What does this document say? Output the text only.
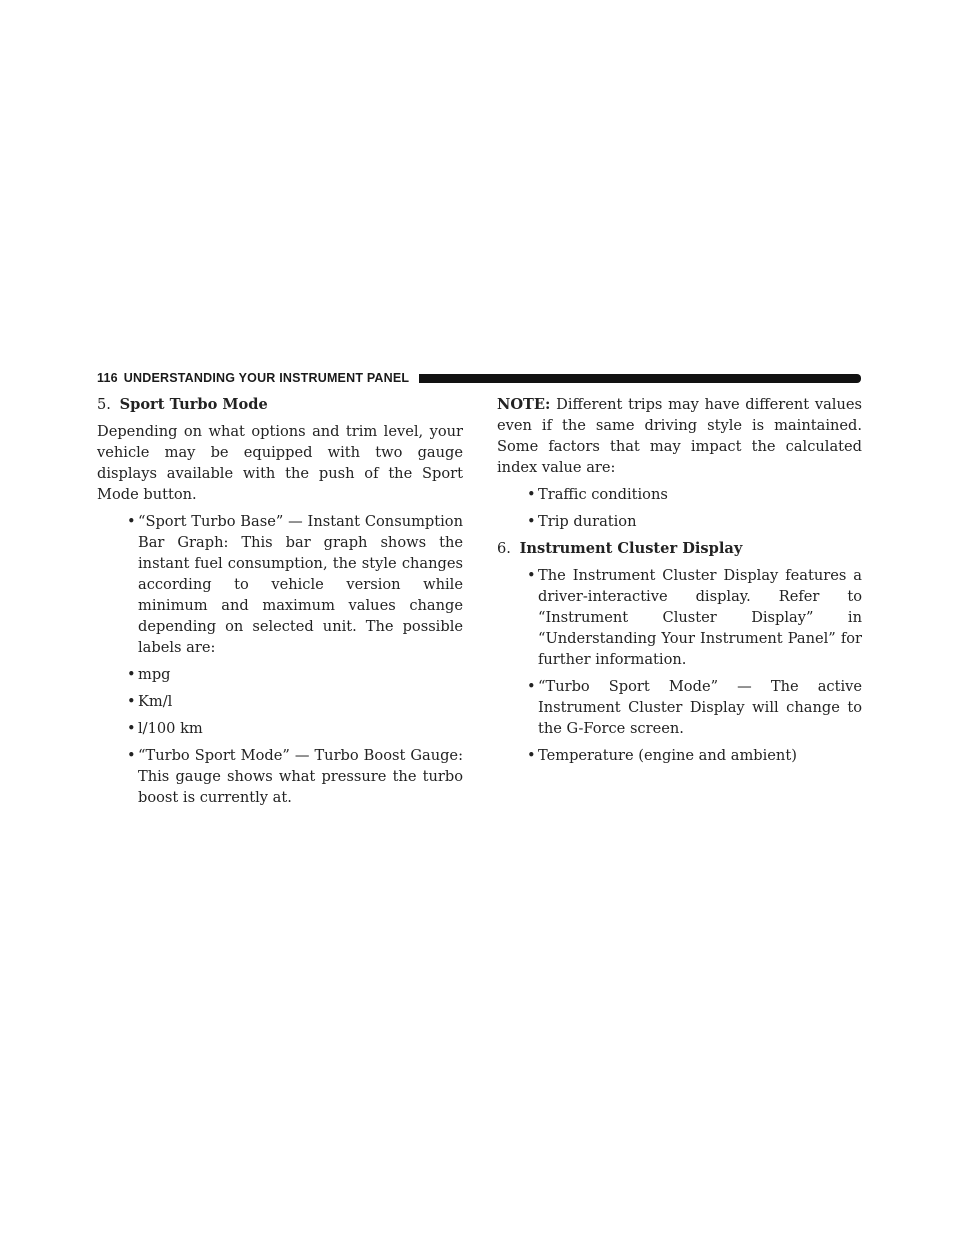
116 UNDERSTANDING YOUR INSTRUMENT PANEL
5. Sport Turbo Mode

Depending on what options and trim level, your vehicle may be equipped with two gauge displays available with the push of the Sport Mode button.

• “Sport Turbo Base” — Instant Consumption Bar Graph: This bar graph shows the instant fuel consumption, the style changes according to vehicle version while minimum and maximum values change depending on selected unit. The possible labels are:
• mpg
• Km/l
• l/100 km
• “Turbo Sport Mode” — Turbo Boost Gauge: This gauge shows what pressure the turbo boost is currently at.

NOTE: Different trips may have different values even if the same driving style is maintained. Some factors that may impact the calculated index value are:

• Traffic conditions
• Trip duration
6. Instrument Cluster Display
• The Instrument Cluster Display features a driver-interactive display. Refer to “Instrument Cluster Display” in “Understanding Your Instrument Panel” for further information.
• “Turbo Sport Mode” — The active Instrument Cluster Display will change to the G-Force screen.
• Temperature (engine and ambient)
